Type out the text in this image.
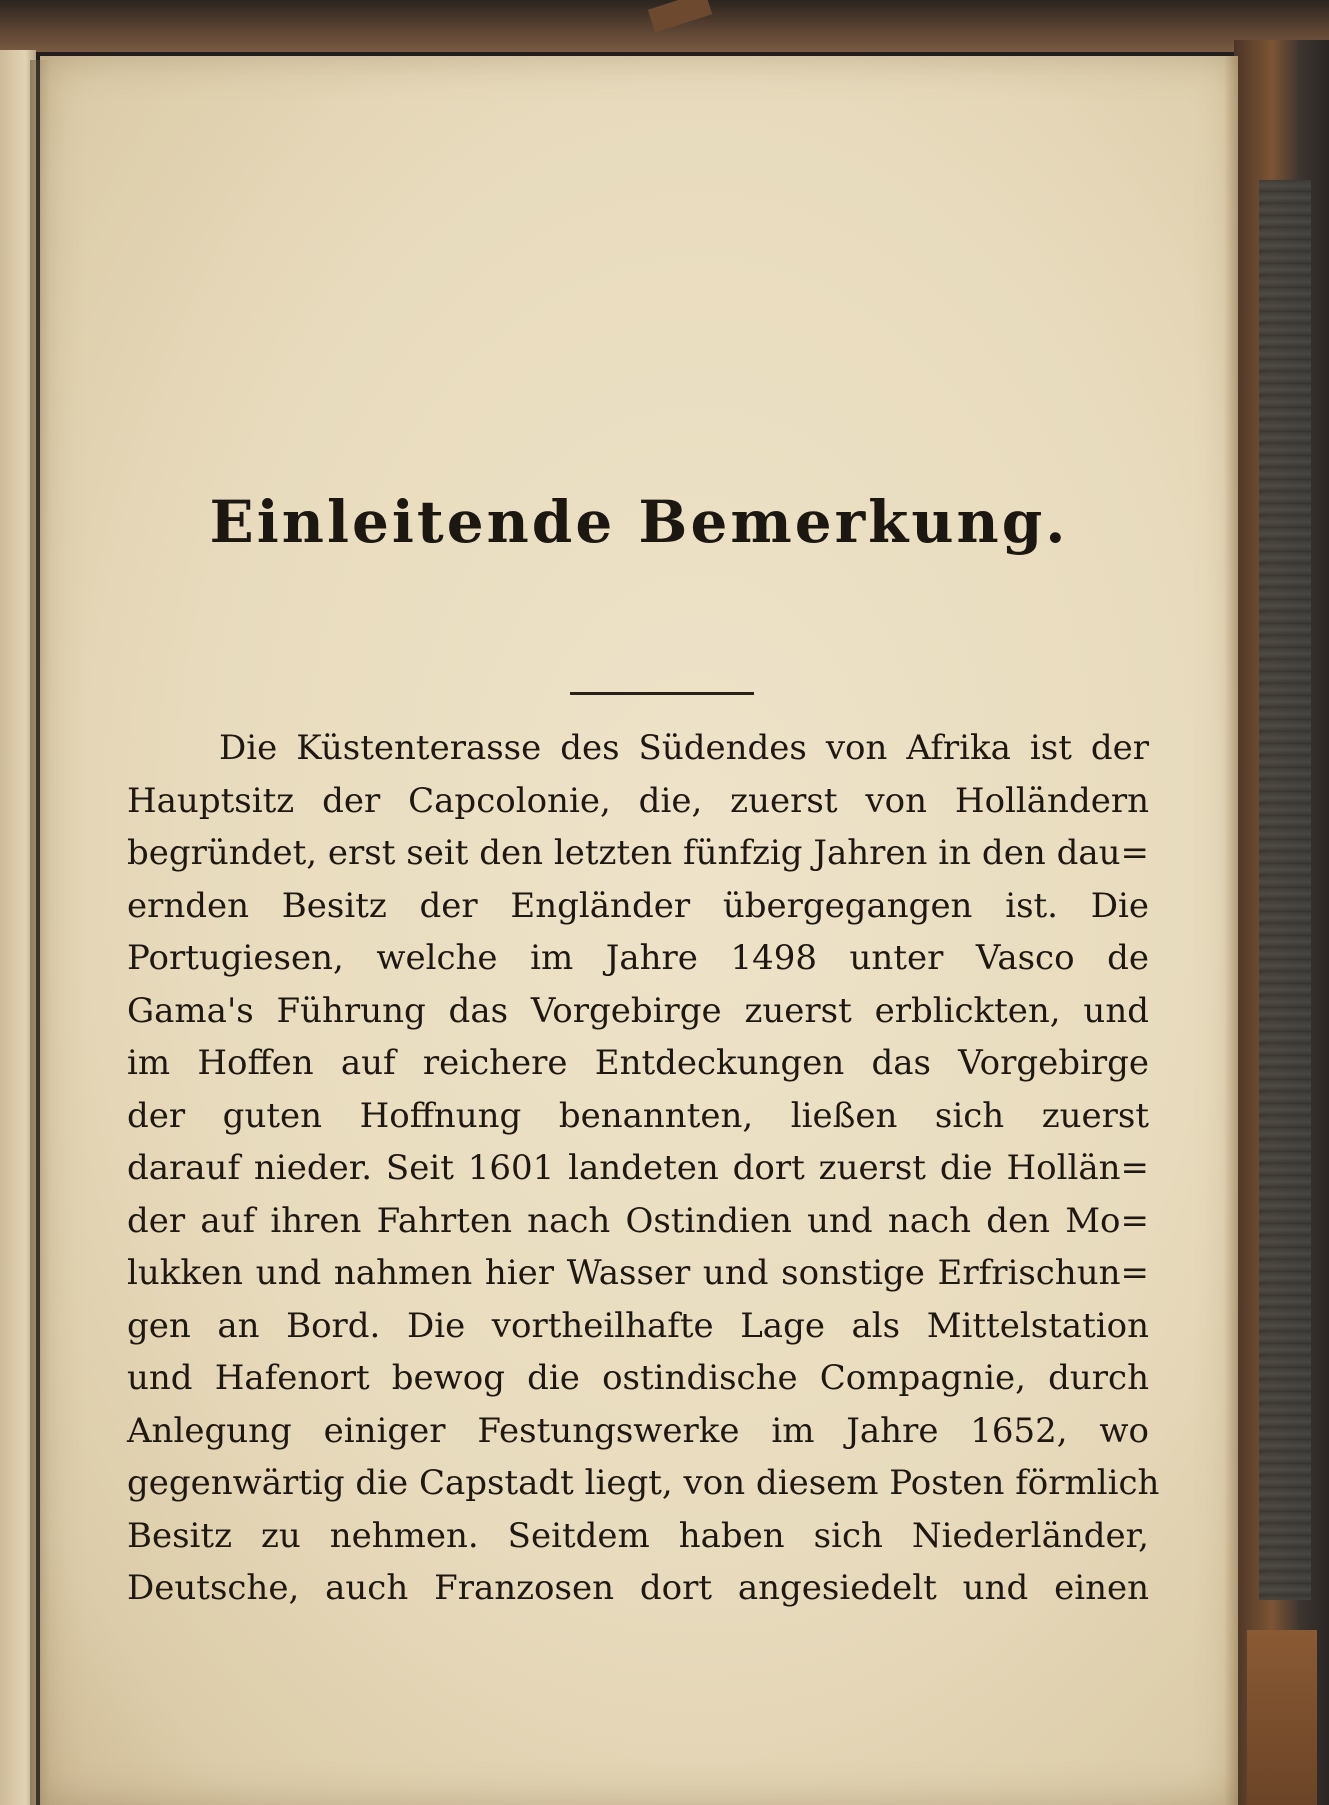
Einleitende Bemerkung.
Die Küstenterasse des Südendes von Afrika ist der
Hauptsitz der Capcolonie, die, zuerst von Holländern
begründet, erst seit den letzten fünfzig Jahren in den dau=
ernden Besitz der Engländer übergegangen ist. Die
Portugiesen, welche im Jahre 1498 unter Vasco de
Gama's Führung das Vorgebirge zuerst erblickten, und
im Hoffen auf reichere Entdeckungen das Vorgebirge
der guten Hoffnung benannten, ließen sich zuerst
darauf nieder. Seit 1601 landeten dort zuerst die Hollän=
der auf ihren Fahrten nach Ostindien und nach den Mo=
lukken und nahmen hier Wasser und sonstige Erfrischun=
gen an Bord. Die vortheilhafte Lage als Mittelstation
und Hafenort bewog die ostindische Compagnie, durch
Anlegung einiger Festungswerke im Jahre 1652, wo
gegenwärtig die Capstadt liegt, von diesem Posten förmlich
Besitz zu nehmen. Seitdem haben sich Niederländer,
Deutsche, auch Franzosen dort angesiedelt und einen
